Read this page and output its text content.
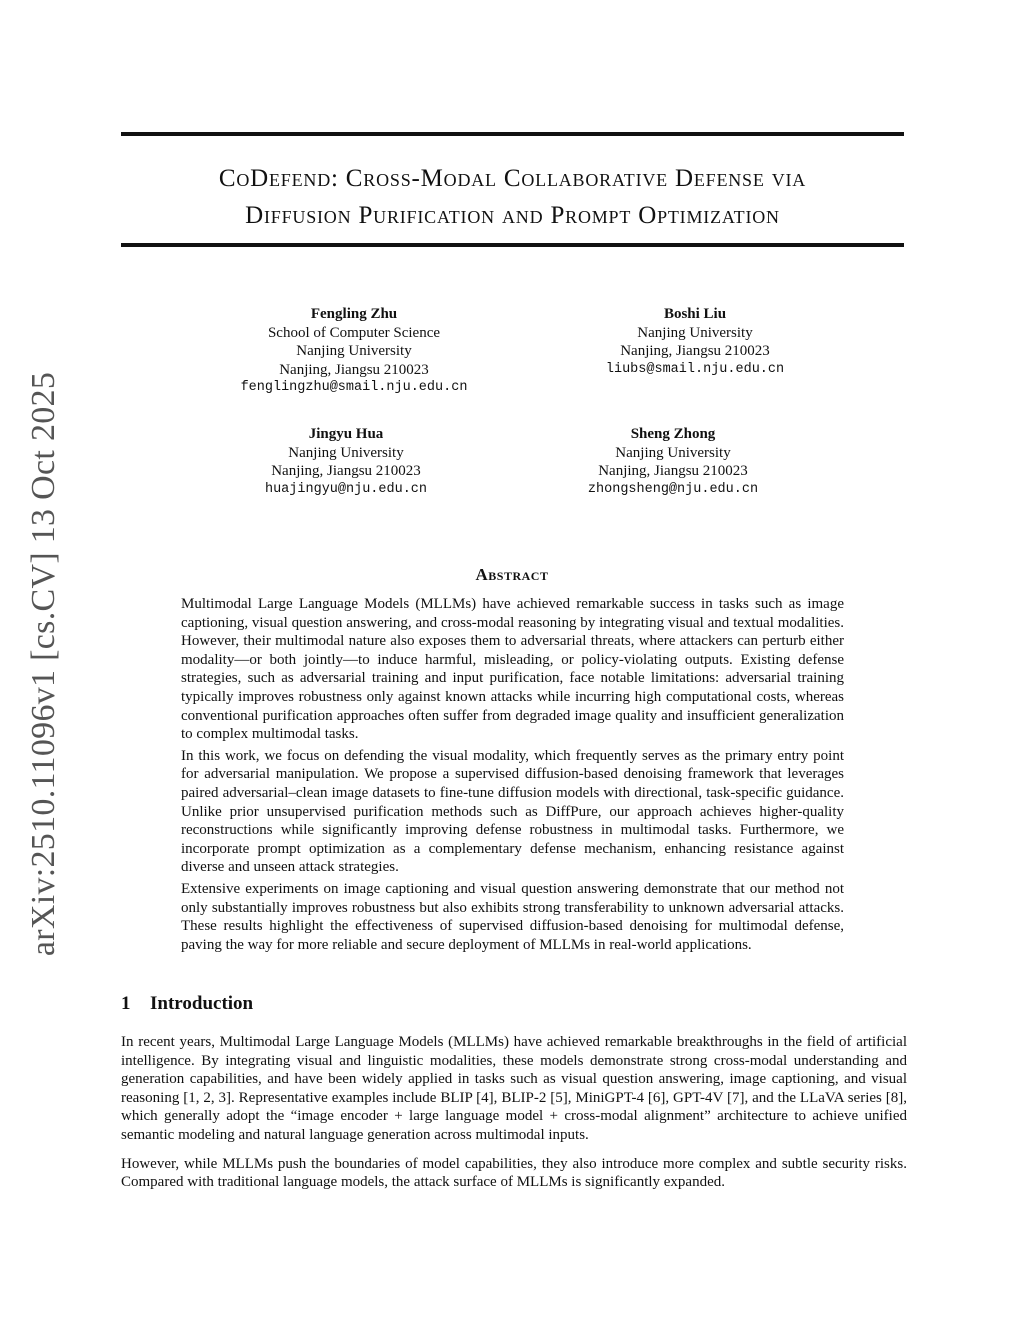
CoDefend: Cross-Modal Collaborative Defense via
Diffusion Purification and Prompt Optimization
Fengling Zhu
School of Computer Science
Nanjing University
Nanjing, Jiangsu 210023
fenglingzhu@smail.nju.edu.cn
Boshi Liu
Nanjing University
Nanjing, Jiangsu 210023
liubs@smail.nju.edu.cn
Jingyu Hua
Nanjing University
Nanjing, Jiangsu 210023
huajingyu@nju.edu.cn
Sheng Zhong
Nanjing University
Nanjing, Jiangsu 210023
zhongsheng@nju.edu.cn
Abstract

Multimodal Large Language Models (MLLMs) have achieved remarkable success in tasks such as image captioning, visual question answering, and cross-modal reasoning by integrating visual and textual modalities. However, their multimodal nature also exposes them to adversarial threats, where attackers can perturb either modality—or both jointly—to induce harmful, misleading, or policy-violating outputs. Existing defense strategies, such as adversarial training and input purification, face notable limitations: adversarial training typically improves robustness only against known attacks while incurring high computational costs, whereas conventional purification approaches often suffer from degraded image quality and insufficient generalization to complex multimodal tasks.

In this work, we focus on defending the visual modality, which frequently serves as the primary entry point for adversarial manipulation. We propose a supervised diffusion-based denoising framework that leverages paired adversarial–clean image datasets to fine-tune diffusion models with directional, task-specific guidance. Unlike prior unsupervised purification methods such as DiffPure, our approach achieves higher-quality reconstructions while significantly improving defense robustness in multimodal tasks. Furthermore, we incorporate prompt optimization as a complementary defense mechanism, enhancing resistance against diverse and unseen attack strategies.

Extensive experiments on image captioning and visual question answering demonstrate that our method not only substantially improves robustness but also exhibits strong transferability to unknown adversarial attacks. These results highlight the effectiveness of supervised diffusion-based denoising for multimodal defense, paving the way for more reliable and secure deployment of MLLMs in real-world applications.

1 Introduction

In recent years, Multimodal Large Language Models (MLLMs) have achieved remarkable breakthroughs in the field of artificial intelligence. By integrating visual and linguistic modalities, these models demonstrate strong cross-modal understanding and generation capabilities, and have been widely applied in tasks such as visual question answering, image captioning, and visual reasoning [1, 2, 3]. Representative examples include BLIP [4], BLIP-2 [5], MiniGPT-4 [6], GPT-4V [7], and the LLaVA series [8], which generally adopt the “image encoder + large language model + cross-modal alignment” architecture to achieve unified semantic modeling and natural language generation across multimodal inputs.

However, while MLLMs push the boundaries of model capabilities, they also introduce more complex and subtle security risks. Compared with traditional language models, the attack surface of MLLMs is significantly expanded.

arXiv:2510.11096v1 [cs.CV] 13 Oct 2025
